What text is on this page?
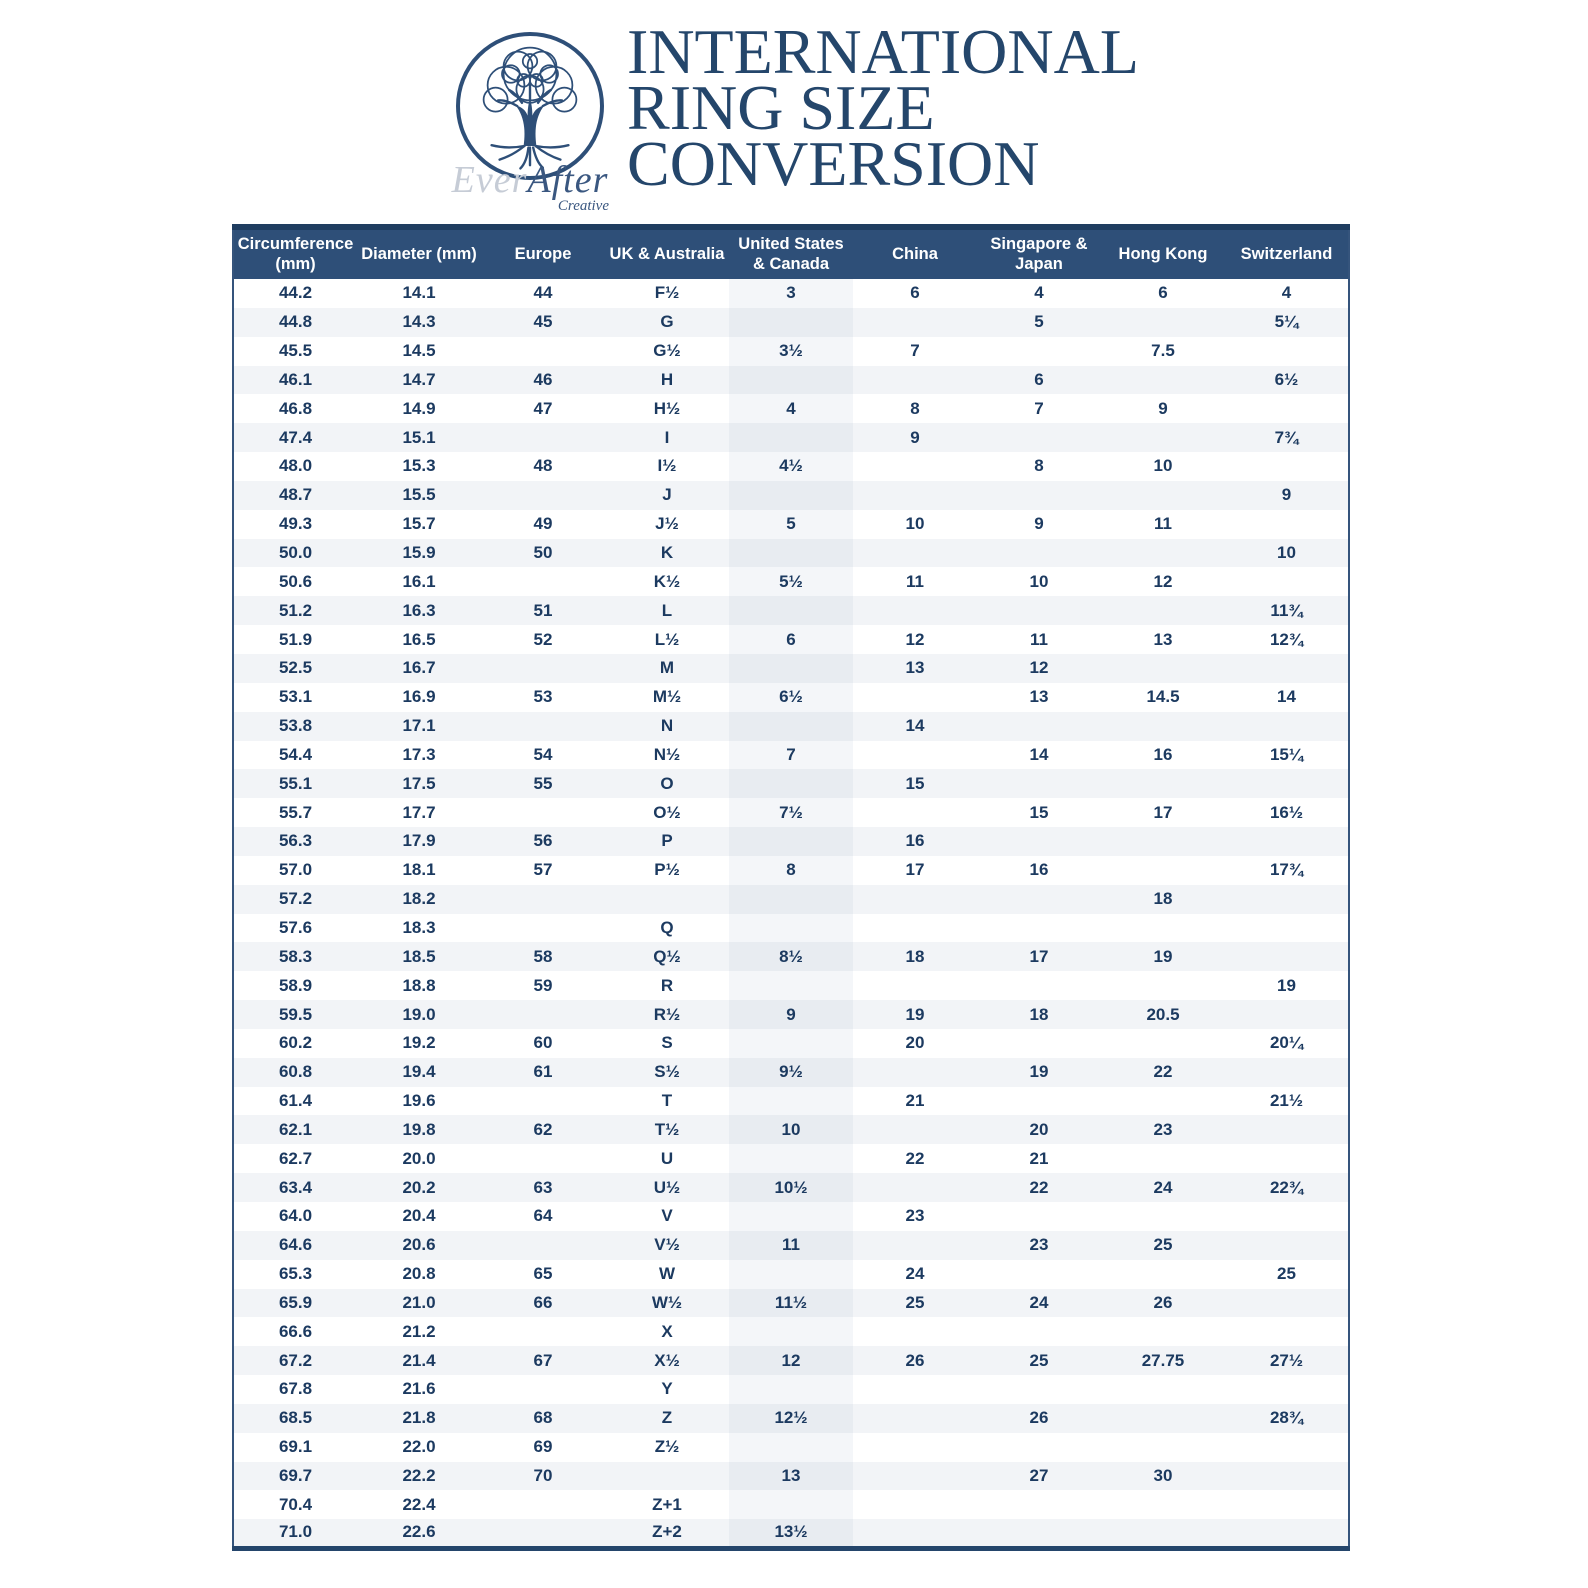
EverAfter
Creative
INTERNATIONAL
RING SIZE
CONVERSION
Circumference (mm)	Diameter (mm)	Europe	UK & Australia	United States & Canada	China	Singapore & Japan	Hong Kong	Switzerland
44.2	14.1	44	F½	3	6	4	6	4
44.8	14.3	45	G			5		5¼
45.5	14.5		G½	3½	7		7.5	
46.1	14.7	46	H			6		6½
46.8	14.9	47	H½	4	8	7	9	
47.4	15.1		I		9			7¾
48.0	15.3	48	I½	4½		8	10	
48.7	15.5		J					9
49.3	15.7	49	J½	5	10	9	11	
50.0	15.9	50	K					10
50.6	16.1		K½	5½	11	10	12	
51.2	16.3	51	L					11¾
51.9	16.5	52	L½	6	12	11	13	12¾
52.5	16.7		M		13	12		
53.1	16.9	53	M½	6½		13	14.5	14
53.8	17.1		N		14			
54.4	17.3	54	N½	7		14	16	15¼
55.1	17.5	55	O		15			
55.7	17.7		O½	7½		15	17	16½
56.3	17.9	56	P		16			
57.0	18.1	57	P½	8	17	16		17¾
57.2	18.2						18	
57.6	18.3		Q					
58.3	18.5	58	Q½	8½	18	17	19	
58.9	18.8	59	R					19
59.5	19.0		R½	9	19	18	20.5	
60.2	19.2	60	S		20			20¼
60.8	19.4	61	S½	9½		19	22	
61.4	19.6		T		21			21½
62.1	19.8	62	T½	10		20	23	
62.7	20.0		U		22	21		
63.4	20.2	63	U½	10½		22	24	22¾
64.0	20.4	64	V		23			
64.6	20.6		V½	11		23	25	
65.3	20.8	65	W		24			25
65.9	21.0	66	W½	11½	25	24	26	
66.6	21.2		X					
67.2	21.4	67	X½	12	26	25	27.75	27½
67.8	21.6		Y					
68.5	21.8	68	Z	12½		26		28¾
69.1	22.0	69	Z½					
69.7	22.2	70		13		27	30	
70.4	22.4		Z+1					
71.0	22.6		Z+2	13½				
